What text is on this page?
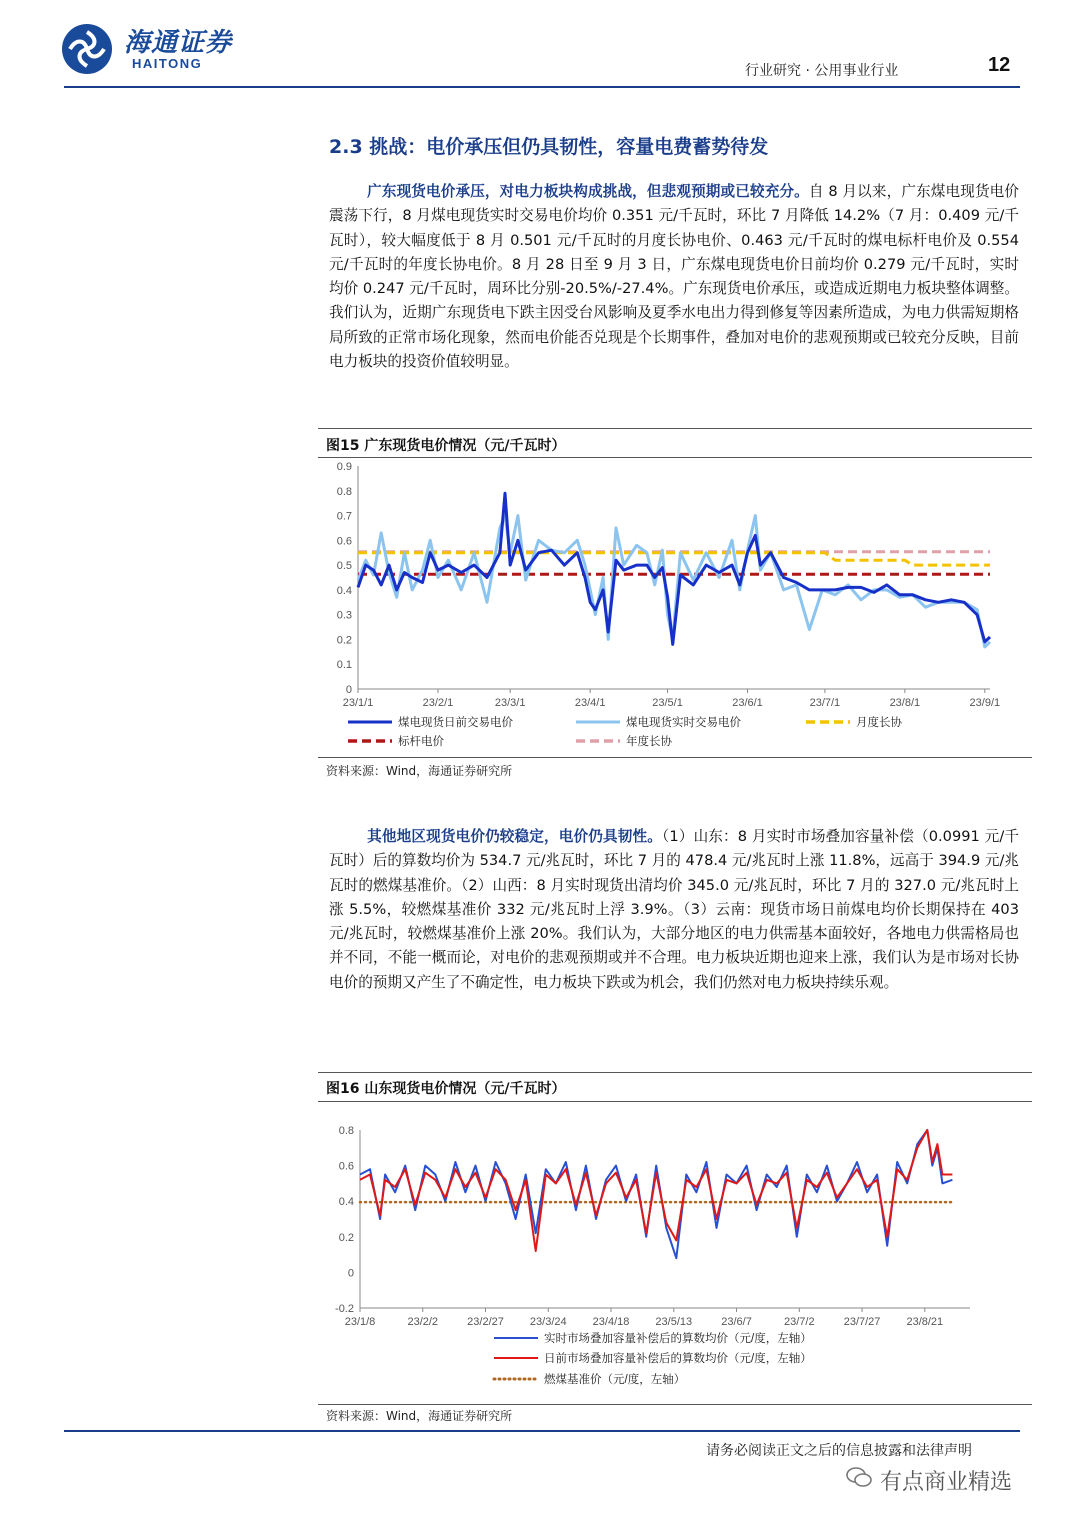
海通证券
HAITONG	行业研究 · 公用事业行业	12
2.3 挑战：电价承压但仍具韧性，容量电费蓄势待发
广东现货电价承压，对电力板块构成挑战，但悲观预期或已较充分。自 8 月以来，广东煤电现货电价震荡下行，8 月煤电现货实时交易电价均价 0.351 元/千瓦时，环比 7 月降低 14.2%（7 月：0.409 元/千瓦时），较大幅度低于 8 月 0.501 元/千瓦时的月度长协电价、0.463 元/千瓦时的煤电标杆电价及 0.554 元/千瓦时的年度长协电价。8 月 28 日至 9 月 3 日，广东煤电现货电价日前均价 0.279 元/千瓦时，实时均价 0.247 元/千瓦时，周环比分别-20.5%/-27.4%。广东现货电价承压，或造成近期电力板块整体调整。我们认为，近期广东现货电下跌主因受台风影响及夏季水电出力得到修复等因素所造成，为电力供需短期格局所致的正常市场化现象，然而电价能否兑现是个长期事件，叠加对电价的悲观预期或已较充分反映，目前电力板块的投资价值较明显。
图15 广东现货电价情况（元/千瓦时）
0.9
0.8
0.7
0.6
0.5
0.4
0.3
0.2
0.1
0
23/1/1	23/2/1	23/3/1	23/4/1	23/5/1	23/6/1	23/7/1	23/8/1	23/9/1
煤电现货日前交易电价	煤电现货实时交易电价	月度长协
标杆电价	年度长协
资料来源：Wind，海通证券研究所
其他地区现货电价仍较稳定，电价仍具韧性。（1）山东：8 月实时市场叠加容量补偿（0.0991 元/千瓦时）后的算数均价为 534.7 元/兆瓦时，环比 7 月的 478.4 元/兆瓦时上涨 11.8%，远高于 394.9 元/兆瓦时的燃煤基准价。（2）山西：8 月实时现货出清均价 345.0 元/兆瓦时，环比 7 月的 327.0 元/兆瓦时上涨 5.5%，较燃煤基准价 332 元/兆瓦时上浮 3.9%。（3）云南：现货市场日前煤电均价长期保持在 403 元/兆瓦时，较燃煤基准价上涨 20%。我们认为，大部分地区的电力供需基本面较好，各地电力供需格局也并不同，不能一概而论，对电价的悲观预期或并不合理。电力板块近期也迎来上涨，我们认为是市场对长协电价的预期又产生了不确定性，电力板块下跌或为机会，我们仍然对电力板块持续乐观。
图16 山东现货电价情况（元/千瓦时）
0.8
0.6
0.4
0.2
0
-0.2
23/1/8	23/2/2	23/2/27 23/3/24 23/4/18 23/5/13	23/6/7	23/7/2	23/7/27 23/8/21
实时市场叠加容量补偿后的算数均价（元/度，左轴）
日前市场叠加容量补偿后的算数均价（元/度，左轴）
燃煤基准价（元/度，左轴）
资料来源：Wind，海通证券研究所
请务必阅读正文之后的信息披露和法律声明
有点商业精选
